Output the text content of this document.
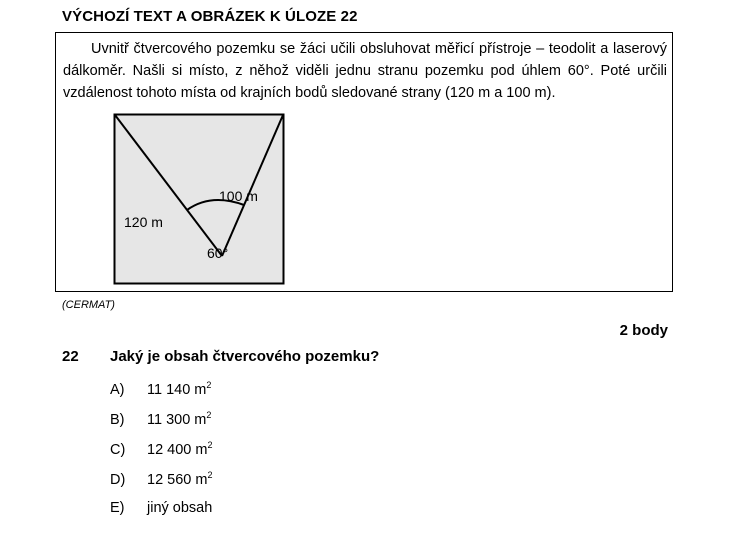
VÝCHOZÍ TEXT A OBRÁZEK K ÚLOZE 22

Uvnitř čtvercového pozemku se žáci učili obsluhovat měřicí přístroje – teodolit a laserový dálkoměr. Našli si místo, z něhož viděli jednu stranu pozemku pod úhlem 60°. Poté určili vzdálenost tohoto místa od krajních bodů sledované strany (120 m a 100 m).

120 m
100 m
60°
(CERMAT)
2 body
22 Jaký je obsah čtvercového pozemku?
A) 11 140 $m^2$
B) 11 300 $m^2$
C) 12 400 $m^2$
D) 12 560 $m^2$
E) jiný obsah
